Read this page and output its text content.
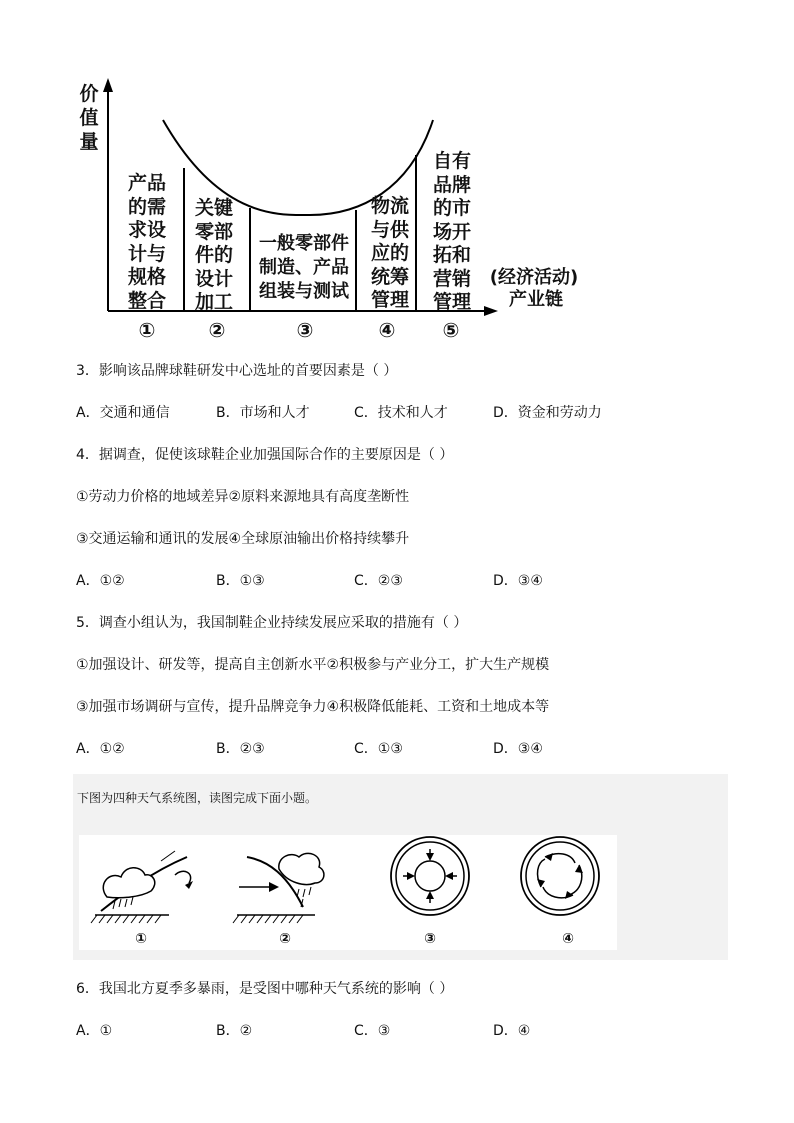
价值量
产品的需求设计与规格整合
关键零部件的设计加工
一般零部件
制造、产品
组装与测试
物流与供应的统筹管理
自有品牌的市场开拓和营销管理
(经济活动)
产业链
①	②	③	④	⑤
3．影响该品牌球鞋研发中心选址的首要因素是（ ）
A．交通和通信	B．市场和人才	C．技术和人才	D．资金和劳动力
4．据调查，促使该球鞋企业加强国际合作的主要原因是（ ）
①劳动力价格的地域差异②原料来源地具有高度垄断性
③交通运输和通讯的发展④全球原油输出价格持续攀升
A．①②	B．①③	C．②③	D．③④
5．调查小组认为，我国制鞋企业持续发展应采取的措施有（ ）
①加强设计、研发等，提高自主创新水平②积极参与产业分工，扩大生产规模
③加强市场调研与宣传，提升品牌竞争力④积极降低能耗、工资和土地成本等
A．①②	B．②③	C．①③	D．③④
下图为四种天气系统图，读图完成下面小题。
①	②	③	④
6．我国北方夏季多暴雨，是受图中哪种天气系统的影响（ ）
A．①	B．②	C．③	D．④
